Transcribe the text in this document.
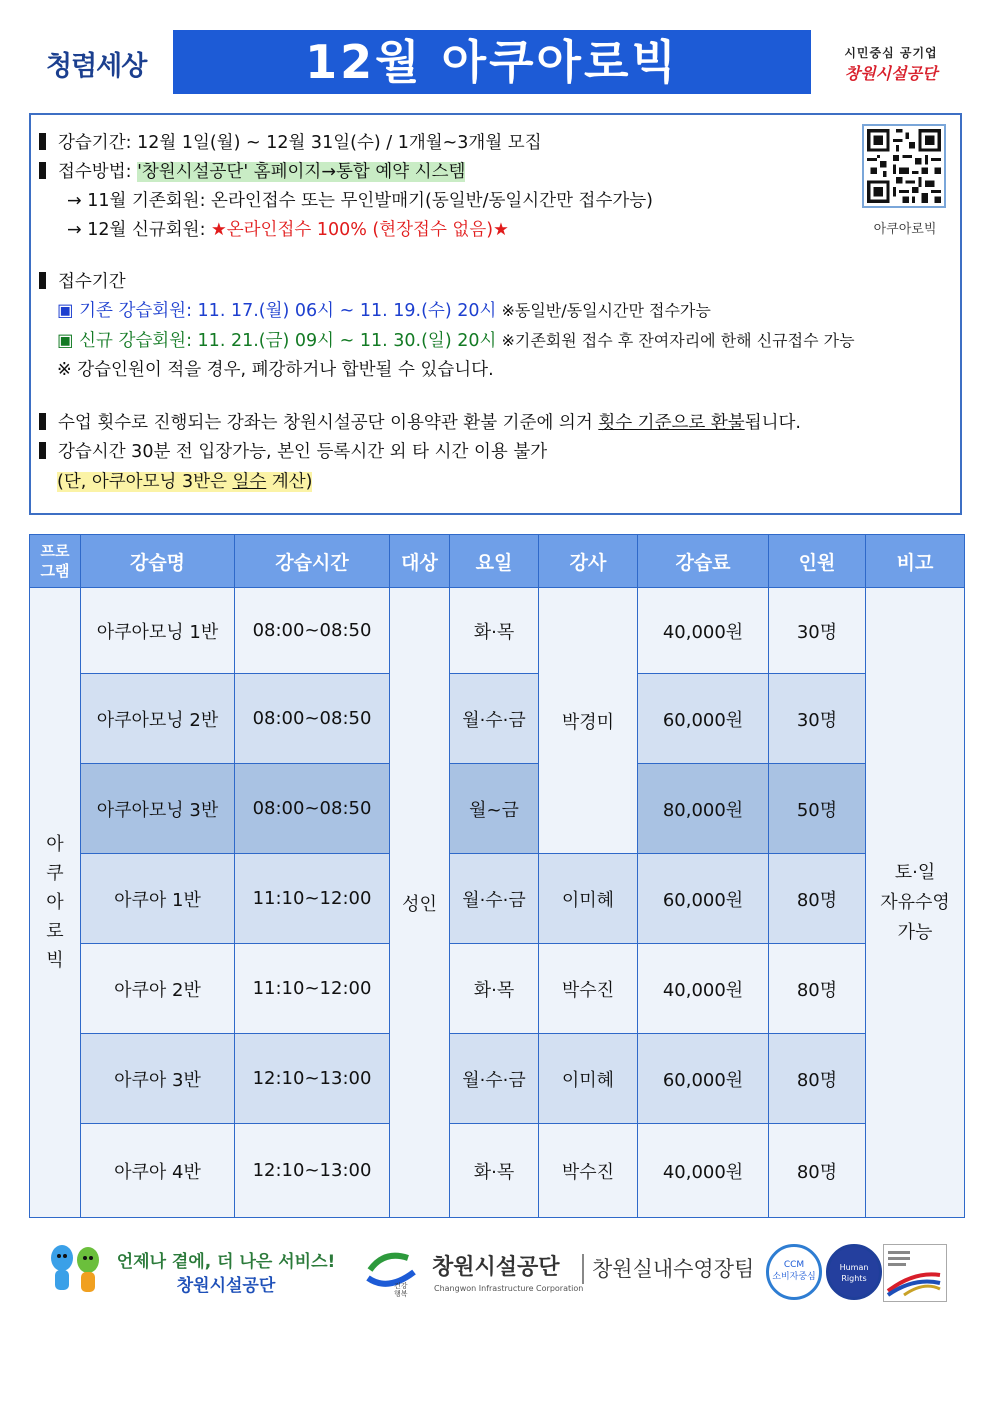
청렴세상	12월 아쿠아로빅	시민중심 공기업
창원시설공단
강습기간: 12월 1일(월) ~ 12월 31일(수) / 1개월~3개월 모집
접수방법: '창원시설공단' 홈페이지→통합 예약 시스템
→ 11월 기존회원: 온라인접수 또는 무인발매기(동일반/동일시간만 접수가능)
→ 12월 신규회원: ★온라인접수 100% (현장접수 없음)★
접수기간
▣ 기존 강습회원: 11. 17.(월) 06시 ~ 11. 19.(수) 20시 ※동일반/동일시간만 접수가능
▣ 신규 강습회원: 11. 21.(금) 09시 ~ 11. 30.(일) 20시 ※기존회원 접수 후 잔여자리에 한해 신규접수 가능
※ 강습인원이 적을 경우, 폐강하거나 합반될 수 있습니다.
수업 횟수로 진행되는 강좌는 창원시설공단 이용약관 환불 기준에 의거 횟수 기준으로 환불됩니다.
강습시간 30분 전 입장가능, 본인 등록시간 외 타 시간 이용 불가
(단, 아쿠아모닝 3반은 일수 계산)
아쿠아로빅
프로
그램	강습명	강습시간	대상	요일	강사	강습료	인원	비고
아
쿠
아
로
빅	아쿠아모닝 1반	08:00~08:50	성인	화·목	박경미	40,000원	30명	토·일
자유수영
가능
	아쿠아모닝 2반	08:00~08:50		월·수·금		60,000원	30명	
	아쿠아모닝 3반	08:00~08:50		월~금		80,000원	50명	
	아쿠아 1반	11:10~12:00		월·수·금	이미혜	60,000원	80명	
	아쿠아 2반	11:10~12:00		화·목	박수진	40,000원	80명	
	아쿠아 3반	12:10~13:00		월·수·금	이미혜	60,000원	80명	
	아쿠아 4반	12:10~13:00		화·목	박수진	40,000원	80명	
언제나 곁에, 더 나은 서비스!
창원시설공단	건강 행복
창원시설공단
Changwon Infrastructure Corporation
창원실내수영장팀	CCM
소비자중심
Human
Rights
